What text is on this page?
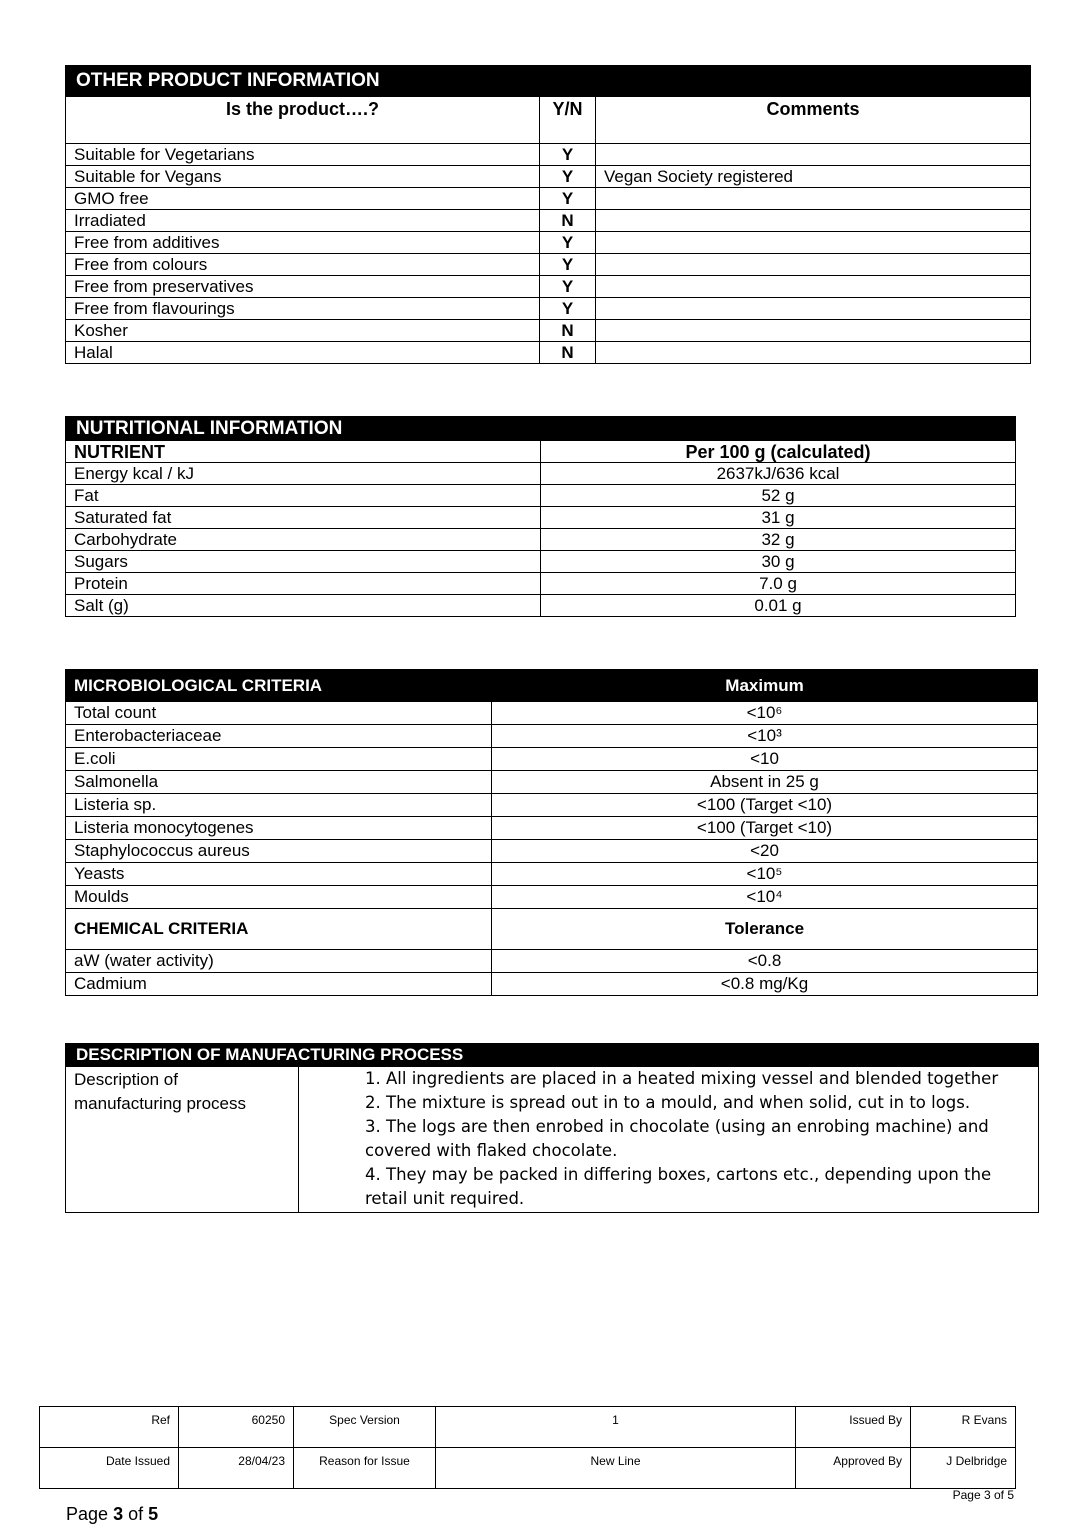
OTHER PRODUCT INFORMATION		
Is the product….?	Y/N	Comments
Suitable for Vegetarians	Y	
Suitable for Vegans	Y	Vegan Society registered
GMO free	Y	
Irradiated	N	
Free from additives	Y	
Free from colours	Y	
Free from preservatives	Y	
Free from flavourings	Y	
Kosher	N	
Halal	N	
NUTRITIONAL INFORMATION	
NUTRIENT	Per 100 g (calculated)
Energy kcal / kJ	2637kJ/636 kcal
Fat	52 g
Saturated fat	31 g
Carbohydrate	32 g
Sugars	30 g
Protein	7.0 g
Salt (g)	0.01 g
MICROBIOLOGICAL CRITERIA	Maximum
Total count	<10⁶
Enterobacteriaceae	<10³
E.coli	<10
Salmonella	Absent in 25 g
Listeria sp.	<100 (Target <10)
Listeria monocytogenes	<100 (Target <10)
Staphylococcus aureus	<20
Yeasts	<10⁵
Moulds	<10⁴
CHEMICAL CRITERIA	Tolerance
aW (water activity)	<0.8
Cadmium	<0.8 mg/Kg
DESCRIPTION OF MANUFACTURING PROCESS
Description of manufacturing process	
1. All ingredients are placed in a heated mixing vessel and blended together
2. The mixture is spread out in to a mould, and when solid, cut in to logs.
3. The logs are then enrobed in chocolate (using an enrobing machine) and covered with flaked chocolate.
4. They may be packed in differing boxes, cartons etc., depending upon the retail unit required.
Ref	60250	Spec Version	1	Issued By	R Evans
Date Issued	28/04/23	Reason for Issue	New Line	Approved By	J Delbridge
Page 3 of 5
Page 3 of 5
